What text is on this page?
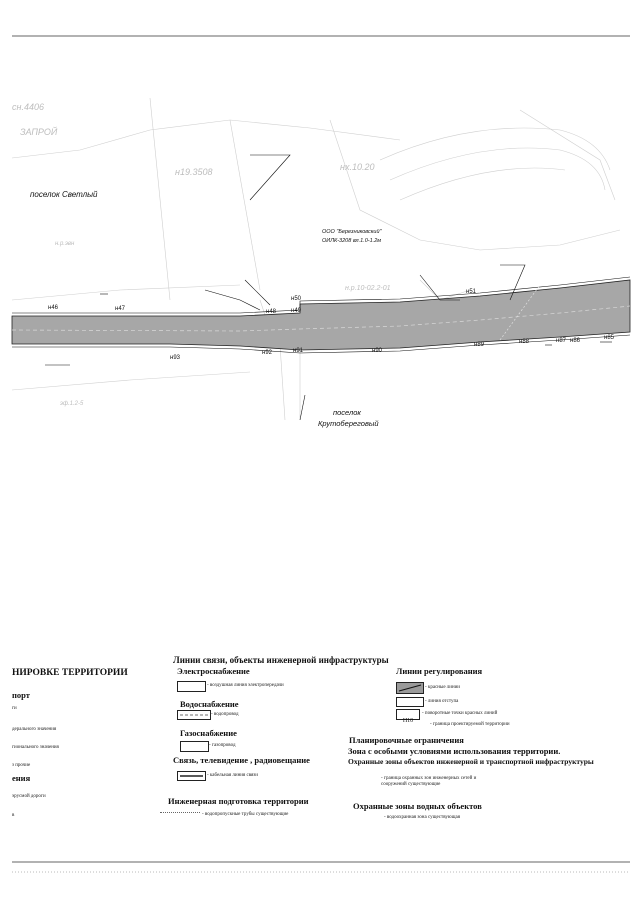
сн.4406
ЗАПРОЙ
н19.3508	нх.10.20
н.р.эвн
эф.1.2-5
н.р.10-02.2-01
поселок Светлый
ООО "Березниковский"
ОИЛК-3208 вл.1.0-1.2м
поселок
Крутобереговый
н46	н47	н48	н49
н50
н51
н85
н86
н87
н88
н89
н90
н91
н92
н93
НИРОВКЕ ТЕРРИТОРИИ
порт
ги
дерального значения
гионального значения
з прочие
ения
эрусмой дороги
в
Линии связи, объекты инженерной инфраструктуры
Электроснабжение
- воздушная линия электропередачи
Водоснабжение
- водопровод
Газоснабжение
- газопровод
Связь, телевидение , радиовещание
- кабельная линия связи
Инженерная подготовка территории
- водопропускные трубы существующие
Линии регулирования
- красные линии
- линия отступа
Н10
- поворотные точки красных линий
- граница проектируемой территории
Планировочные ограничения
Зона с особыми условиями использования территории.
Охранные зоны объектов инженерной и транспортной инфраструктуры
- граница охранных зон инженерных сетей и сооружений существующие
Охранные зоны водных объектов
- водоохранная зона существующая
